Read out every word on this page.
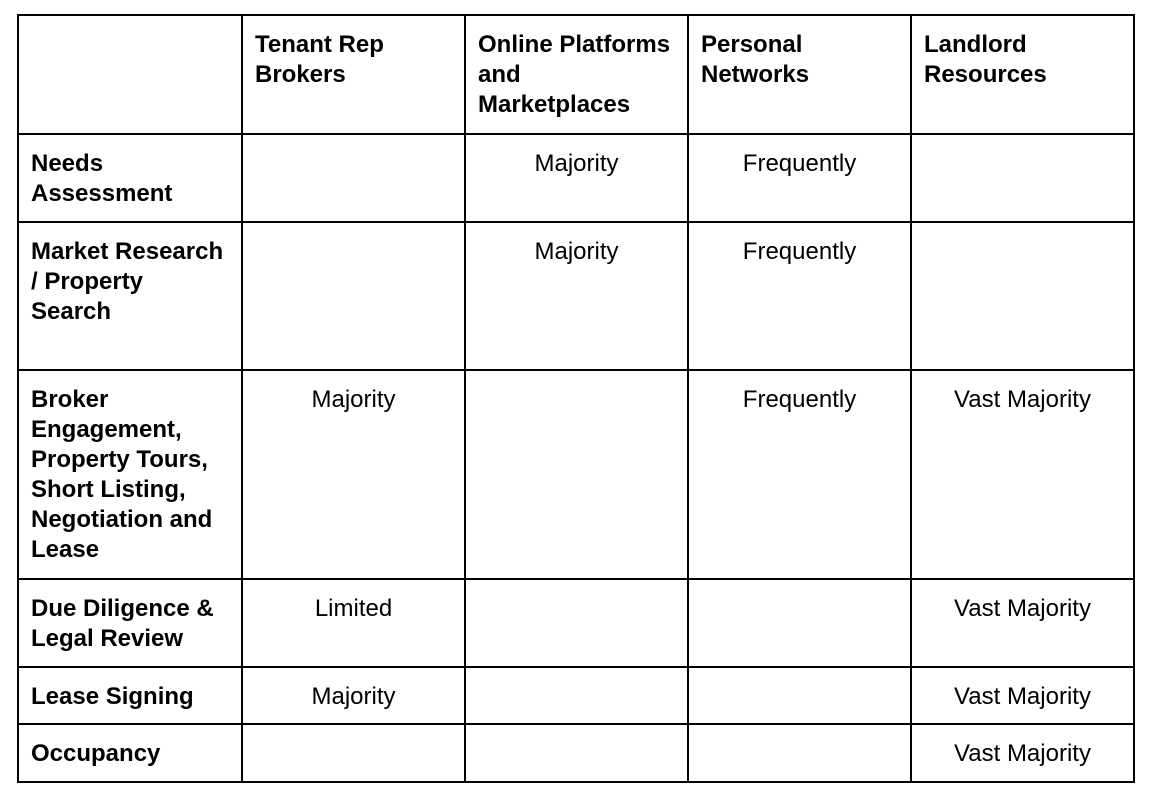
	Tenant Rep Brokers	Online Platforms and Marketplaces	Personal Networks	Landlord Resources
Needs Assessment		Majority	Frequently	
Market Research / Property Search		Majority	Frequently	
Broker Engagement, Property Tours, Short Listing, Negotiation and Lease	Majority		Frequently	Vast Majority
Due Diligence & Legal Review	Limited			Vast Majority
Lease Signing	Majority			Vast Majority
Occupancy				Vast Majority
